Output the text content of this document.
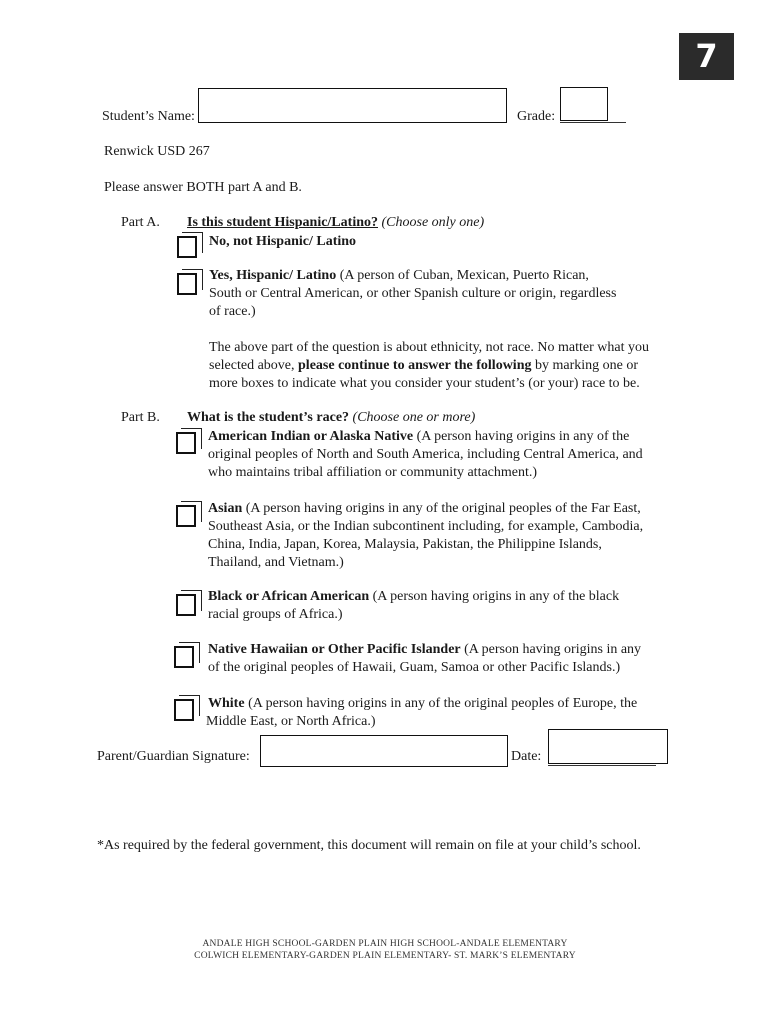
7
Student’s Name:	Grade:
Renwick USD 267
Please answer BOTH part A and B.
Part A. Is this student Hispanic/Latino? (Choose only one)
No, not Hispanic/ Latino
Yes, Hispanic/ Latino (A person of Cuban, Mexican, Puerto Rican,
South or Central American, or other Spanish culture or origin, regardless
of race.)
The above part of the question is about ethnicity, not race. No matter what you
selected above, please continue to answer the following by marking one or
more boxes to indicate what you consider your student’s (or your) race to be.
Part B. What is the student’s race? (Choose one or more)
American Indian or Alaska Native (A person having origins in any of the
original peoples of North and South America, including Central America, and
who maintains tribal affiliation or community attachment.)
Asian (A person having origins in any of the original peoples of the Far East,
Southeast Asia, or the Indian subcontinent including, for example, Cambodia,
China, India, Japan, Korea, Malaysia, Pakistan, the Philippine Islands,
Thailand, and Vietnam.)
Black or African American (A person having origins in any of the black
racial groups of Africa.)
Native Hawaiian or Other Pacific Islander (A person having origins in any
of the original peoples of Hawaii, Guam, Samoa or other Pacific Islands.)
White (A person having origins in any of the original peoples of Europe, the
Middle East, or North Africa.)
Parent/Guardian Signature:	Date:
*As required by the federal government, this document will remain on file at your child’s school.
ANDALE HIGH SCHOOL-GARDEN PLAIN HIGH SCHOOL-ANDALE ELEMENTARY
COLWICH ELEMENTARY-GARDEN PLAIN ELEMENTARY- ST. MARK’S ELEMENTARY
